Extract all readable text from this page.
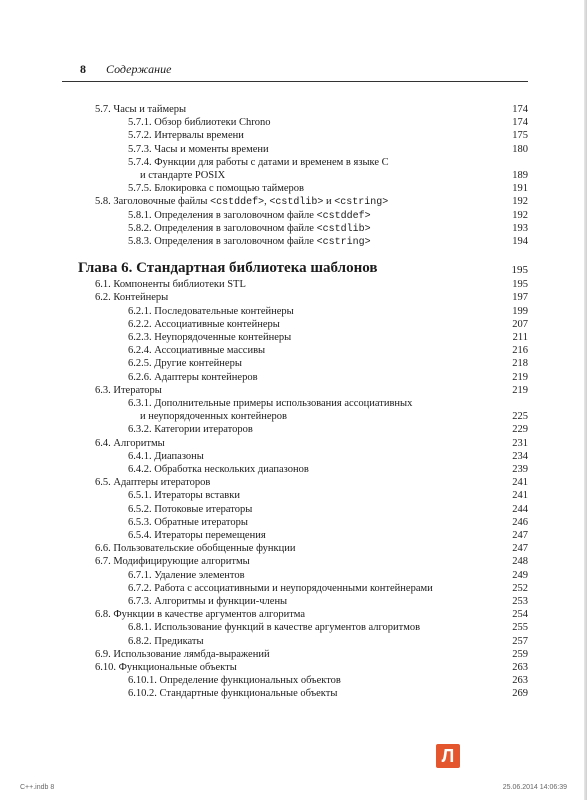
8 Содержание
5.7. Часы и таймеры	174
5.7.1. Обзор библиотеки Chrono	174
5.7.2. Интервалы времени	175
5.7.3. Часы и моменты времени	180
5.7.4. Функции для работы с датами и временем в языке C
и стандарте POSIX	189
5.7.5. Блокировка с помощью таймеров	191
5.8. Заголовочные файлы <cstddef>, <cstdlib> и <cstring>	192
5.8.1. Определения в заголовочном файле <cstddef>	192
5.8.2. Определения в заголовочном файле <cstdlib>	193
5.8.3. Определения в заголовочном файле <cstring>	194
Глава 6. Стандартная библиотека шаблонов	195
6.1. Компоненты библиотеки STL	195
6.2. Контейнеры	197
6.2.1. Последовательные контейнеры	199
6.2.2. Ассоциативные контейнеры	207
6.2.3. Неупорядоченные контейнеры	211
6.2.4. Ассоциативные массивы	216
6.2.5. Другие контейнеры	218
6.2.6. Адаптеры контейнеров	219
6.3. Итераторы	219
6.3.1. Дополнительные примеры использования ассоциативных
и неупорядоченных контейнеров	225
6.3.2. Категории итераторов	229
6.4. Алгоритмы	231
6.4.1. Диапазоны	234
6.4.2. Обработка нескольких диапазонов	239
6.5. Адаптеры итераторов	241
6.5.1. Итераторы вставки	241
6.5.2. Потоковые итераторы	244
6.5.3. Обратные итераторы	246
6.5.4. Итераторы перемещения	247
6.6. Пользовательские обобщенные функции	247
6.7. Модифицирующие алгоритмы	248
6.7.1. Удаление элементов	249
6.7.2. Работа с ассоциативными и неупорядоченными контейнерами	252
6.7.3. Алгоритмы и функции-члены	253
6.8. Функции в качестве аргументов алгоритма	254
6.8.1. Использование функций в качестве аргументов алгоритмов	255
6.8.2. Предикаты	257
6.9. Использование лямбда-выражений	259
6.10. Функциональные объекты	263
6.10.1. Определение функциональных объектов	263
6.10.2. Стандартные функциональные объекты	269
Л
C++.indb 8	25.06.2014 14:06:39
